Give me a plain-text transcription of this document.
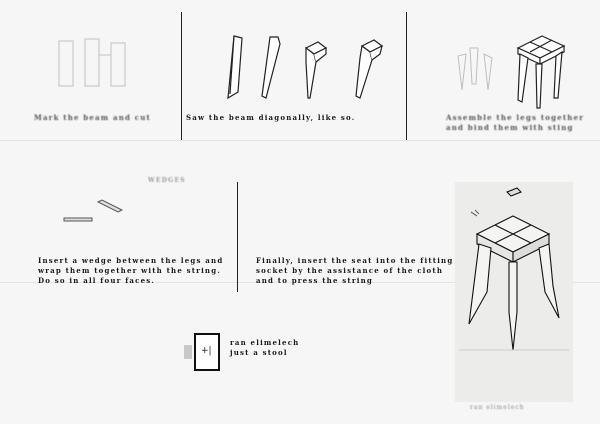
Mark the beam and cut	Saw the beam diagonally, like so.	Assemble the legs together
and bind them with sting
WEDGES
Insert a wedge between the legs and
wrap them together with the string.
Do so in all four faces.
Finally, insert the seat into the fitting
socket by the assistance of the cloth
and to press the string
+|
ran elimelech
just a stool
ran elimelech
